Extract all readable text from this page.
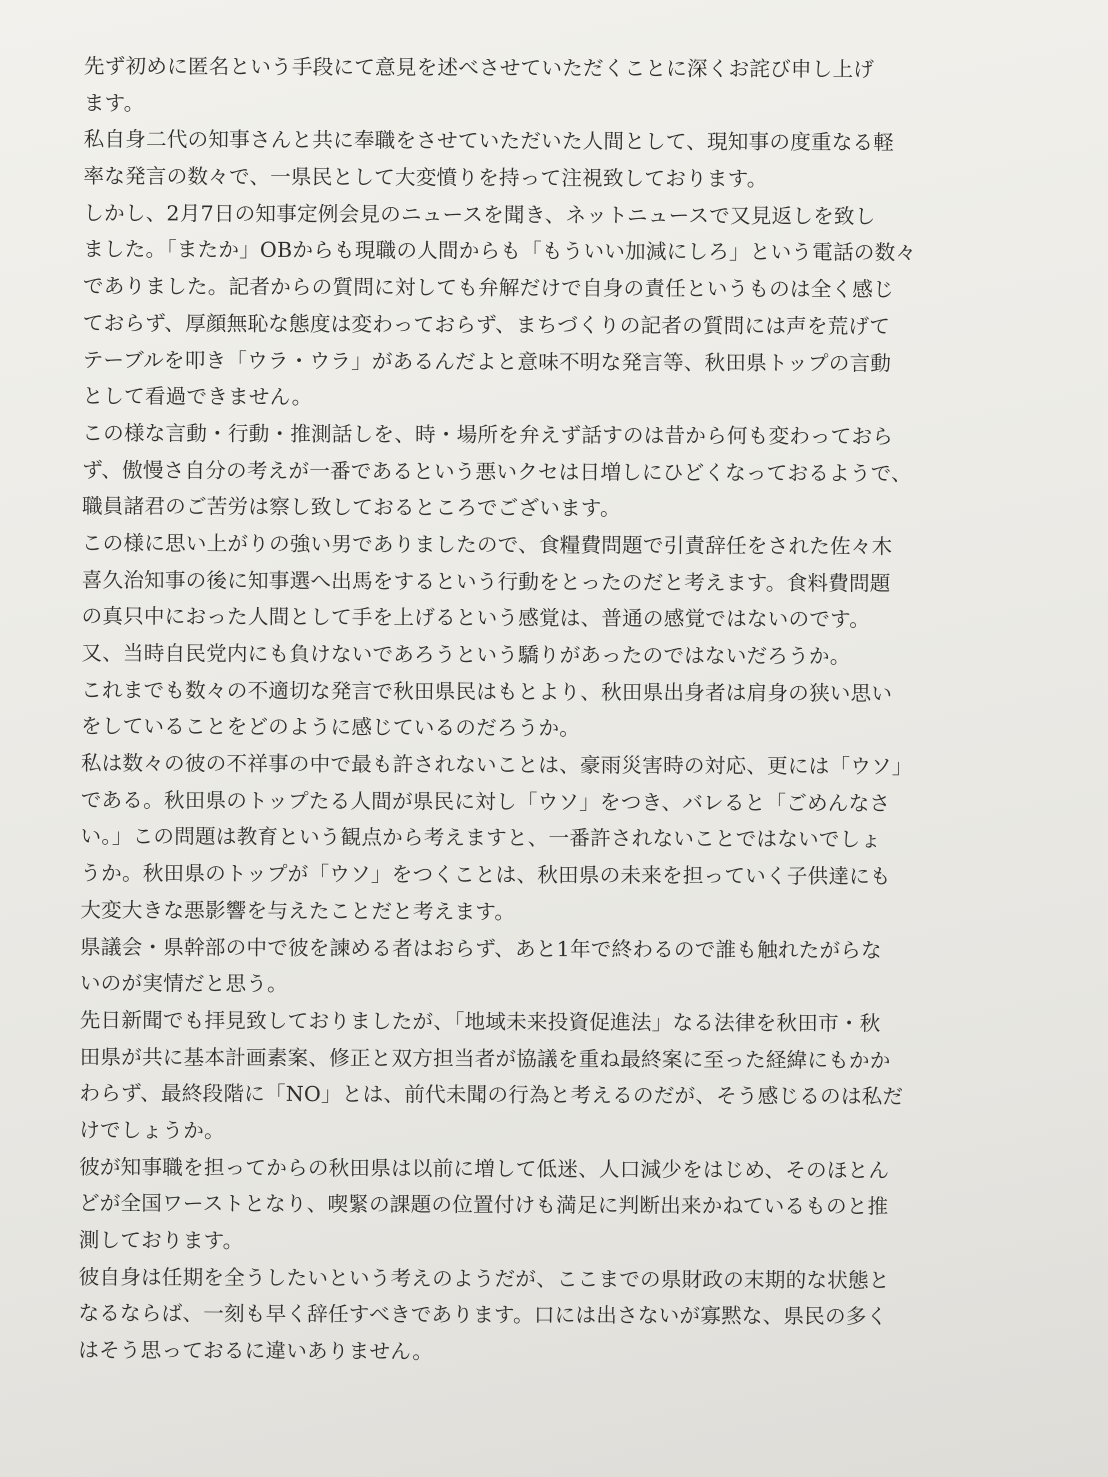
先ず初めに匿名という手段にて意見を述べさせていただくことに深くお詫び申し上げ
ます。
私自身二代の知事さんと共に奉職をさせていただいた人間として、現知事の度重なる軽
率な発言の数々で、一県民として大変憤りを持って注視致しております。
しかし、2月7日の知事定例会見のニュースを聞き、ネットニュースで又見返しを致し
ました。「またか」OBからも現職の人間からも「もういい加減にしろ」という電話の数々
でありました。記者からの質問に対しても弁解だけで自身の責任というものは全く感じ
ておらず、厚顔無恥な態度は変わっておらず、まちづくりの記者の質問には声を荒げて
テーブルを叩き「ウラ・ウラ」があるんだよと意味不明な発言等、秋田県トップの言動
として看過できません。
この様な言動・行動・推測話しを、時・場所を弁えず話すのは昔から何も変わっておら
ず、傲慢さ自分の考えが一番であるという悪いクセは日増しにひどくなっておるようで、
職員諸君のご苦労は察し致しておるところでございます。
この様に思い上がりの強い男でありましたので、食糧費問題で引責辞任をされた佐々木
喜久治知事の後に知事選へ出馬をするという行動をとったのだと考えます。食料費問題
の真只中におった人間として手を上げるという感覚は、普通の感覚ではないのです。
又、当時自民党内にも負けないであろうという驕りがあったのではないだろうか。
これまでも数々の不適切な発言で秋田県民はもとより、秋田県出身者は肩身の狭い思い
をしていることをどのように感じているのだろうか。
私は数々の彼の不祥事の中で最も許されないことは、豪雨災害時の対応、更には「ウソ」
である。秋田県のトップたる人間が県民に対し「ウソ」をつき、バレると「ごめんなさ
い。」この問題は教育という観点から考えますと、一番許されないことではないでしょ
うか。秋田県のトップが「ウソ」をつくことは、秋田県の未来を担っていく子供達にも
大変大きな悪影響を与えたことだと考えます。
県議会・県幹部の中で彼を諫める者はおらず、あと1年で終わるので誰も触れたがらな
いのが実情だと思う。
先日新聞でも拝見致しておりましたが、「地域未来投資促進法」なる法律を秋田市・秋
田県が共に基本計画素案、修正と双方担当者が協議を重ね最終案に至った経緯にもかか
わらず、最終段階に「NO」とは、前代未聞の行為と考えるのだが、そう感じるのは私だ
けでしょうか。
彼が知事職を担ってからの秋田県は以前に増して低迷、人口減少をはじめ、そのほとん
どが全国ワーストとなり、喫緊の課題の位置付けも満足に判断出来かねているものと推
測しております。
彼自身は任期を全うしたいという考えのようだが、ここまでの県財政の末期的な状態と
なるならば、一刻も早く辞任すべきであります。口には出さないが寡黙な、県民の多く
はそう思っておるに違いありません。
